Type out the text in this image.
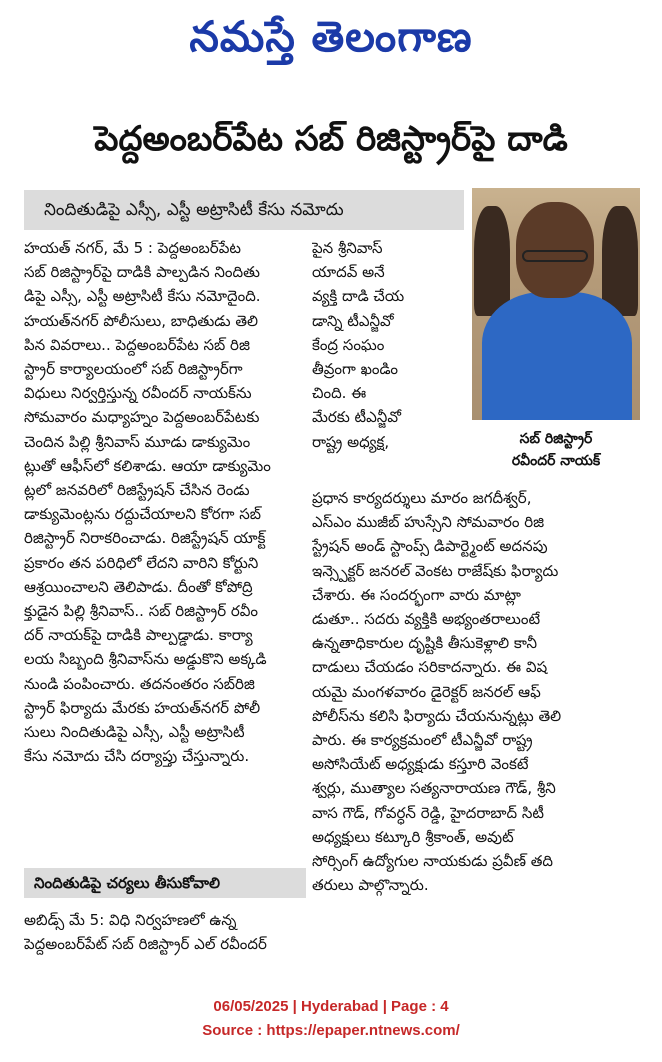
నమస్తే తెలంగాణ
పెద్దఅంబర్‌పేట సబ్ రిజిస్ట్రార్‌పై దాడి
నిందితుడిపై ఎస్సీ, ఎస్టీ అట్రాసిటీ కేసు నమోదు
సబ్ రిజిస్ట్రార్
రవీందర్ నాయక్

హయత్ నగర్, మే 5 : పెద్దఅంబర్‌పేట

సబ్ రిజిస్ట్రార్‌పై దాడికి పాల్పడిన నిందితు

డిపై ఎస్సీ, ఎస్టీ అట్రాసిటీ కేసు నమోదైంది.

హయత్‌నగర్ పోలీసులు, బాధితుడు తెలి

పిన వివరాలు.. పెద్దఅంబర్‌పేట సబ్ రిజి

స్ట్రార్ కార్యాలయంలో సబ్ రిజిస్ట్రార్‌గా

విధులు నిర్వర్తిస్తున్న రవీందర్ నాయక్‌ను

సోమవారం మధ్యాహ్నం పెద్దఅంబర్‌పేటకు

చెందిన పిల్లి శ్రీనివాస్ మూడు డాక్యుమెం

ట్లుతో ఆఫీస్‌లో కలిశాడు. ఆయా డాక్యుమెం

ట్లలో జనవరిలో రిజిస్ట్రేషన్ చేసిన రెండు

డాక్యుమెంట్లను రద్దుచేయాలని కోరగా సబ్

రిజిస్ట్రార్ నిరాకరించాడు. రిజిస్ట్రేషన్ యాక్ట్

ప్రకారం తన పరిధిలో లేదని వారిని కోర్టుని

ఆశ్రయించాలని తెలిపాడు. దీంతో కోపోద్రి

క్తుడైన పిల్లి శ్రీనివాస్.. సబ్ రిజిస్ట్రార్ రవీం

దర్ నాయక్‌పై దాడికి పాల్పడ్డాడు. కార్యా

లయ సిబ్బంది శ్రీనివాస్‌ను అడ్డుకొని అక్కడి

నుండి పంపించారు. తదనంతరం సబ్‌రిజి

స్ట్రార్ ఫిర్యాదు మేరకు హయత్‌నగర్ పోలీ

సులు నిందితుడిపై ఎస్సీ, ఎస్టీ అట్రాసిటీ

కేసు నమోదు చేసి దర్యాప్తు చేస్తున్నారు.

పైన శ్రీనివాస్

యాదవ్ అనే

వ్యక్తి దాడి చేయ

డాన్ని టీఎన్జీవో

కేంద్ర సంఘం

తీవ్రంగా ఖండిం

చింది. ఈ

మేరకు టీఎన్జీవో

రాష్ట్ర అధ్యక్ష,

ప్రధాన కార్యదర్శులు మారం జగదీశ్వర్,

ఎస్ఎం ముజీబ్ హుస్సేని సోమవారం రిజి

స్ట్రేషన్ అండ్ స్టాంప్స్ డిపార్ట్మెంట్ అదనపు

ఇన్స్పెక్టర్ జనరల్ వెంకట రాజేష్‌కు ఫిర్యాదు

చేశారు. ఈ సందర్భంగా వారు మాట్లా

డుతూ.. సదరు వ్యక్తికి అభ్యంతరాలుంటే

ఉన్నతాధికారుల దృష్టికి తీసుకెళ్లాలి కానీ

దాడులు చేయడం సరికాదన్నారు. ఈ విష

యమై మంగళవారం డైరెక్టర్ జనరల్ ఆఫ్

పోలీస్‌ను కలిసి ఫిర్యాదు చేయనున్నట్లు తెలి

పారు. ఈ కార్యక్రమంలో టీఎన్జీవో రాష్ట్ర

అసోసియేట్ అధ్యక్షుడు కస్తూరి వెంకటే

శ్వర్లు, ముత్యాల సత్యనారాయణ గౌడ్, శ్రీని

వాస గౌడ్, గోవర్ధన్ రెడ్డి, హైదరాబాద్ సిటీ

అధ్యక్షులు కట్కూరి శ్రీకాంత్, అవుట్

సోర్సింగ్ ఉద్యోగుల నాయకుడు ప్రవీణ్ తది

తరులు పాల్గొన్నారు.

నిందితుడిపై చర్యలు తీసుకోవాలి

అబిడ్స్ మే 5: విధి నిర్వహణలో ఉన్న

పెద్దఅంబర్‌పేట్ సబ్ రిజిస్ట్రార్ ఎల్ రవీందర్

06/05/2025 | Hyderabad | Page : 4
Source : https://epaper.ntnews.com/
